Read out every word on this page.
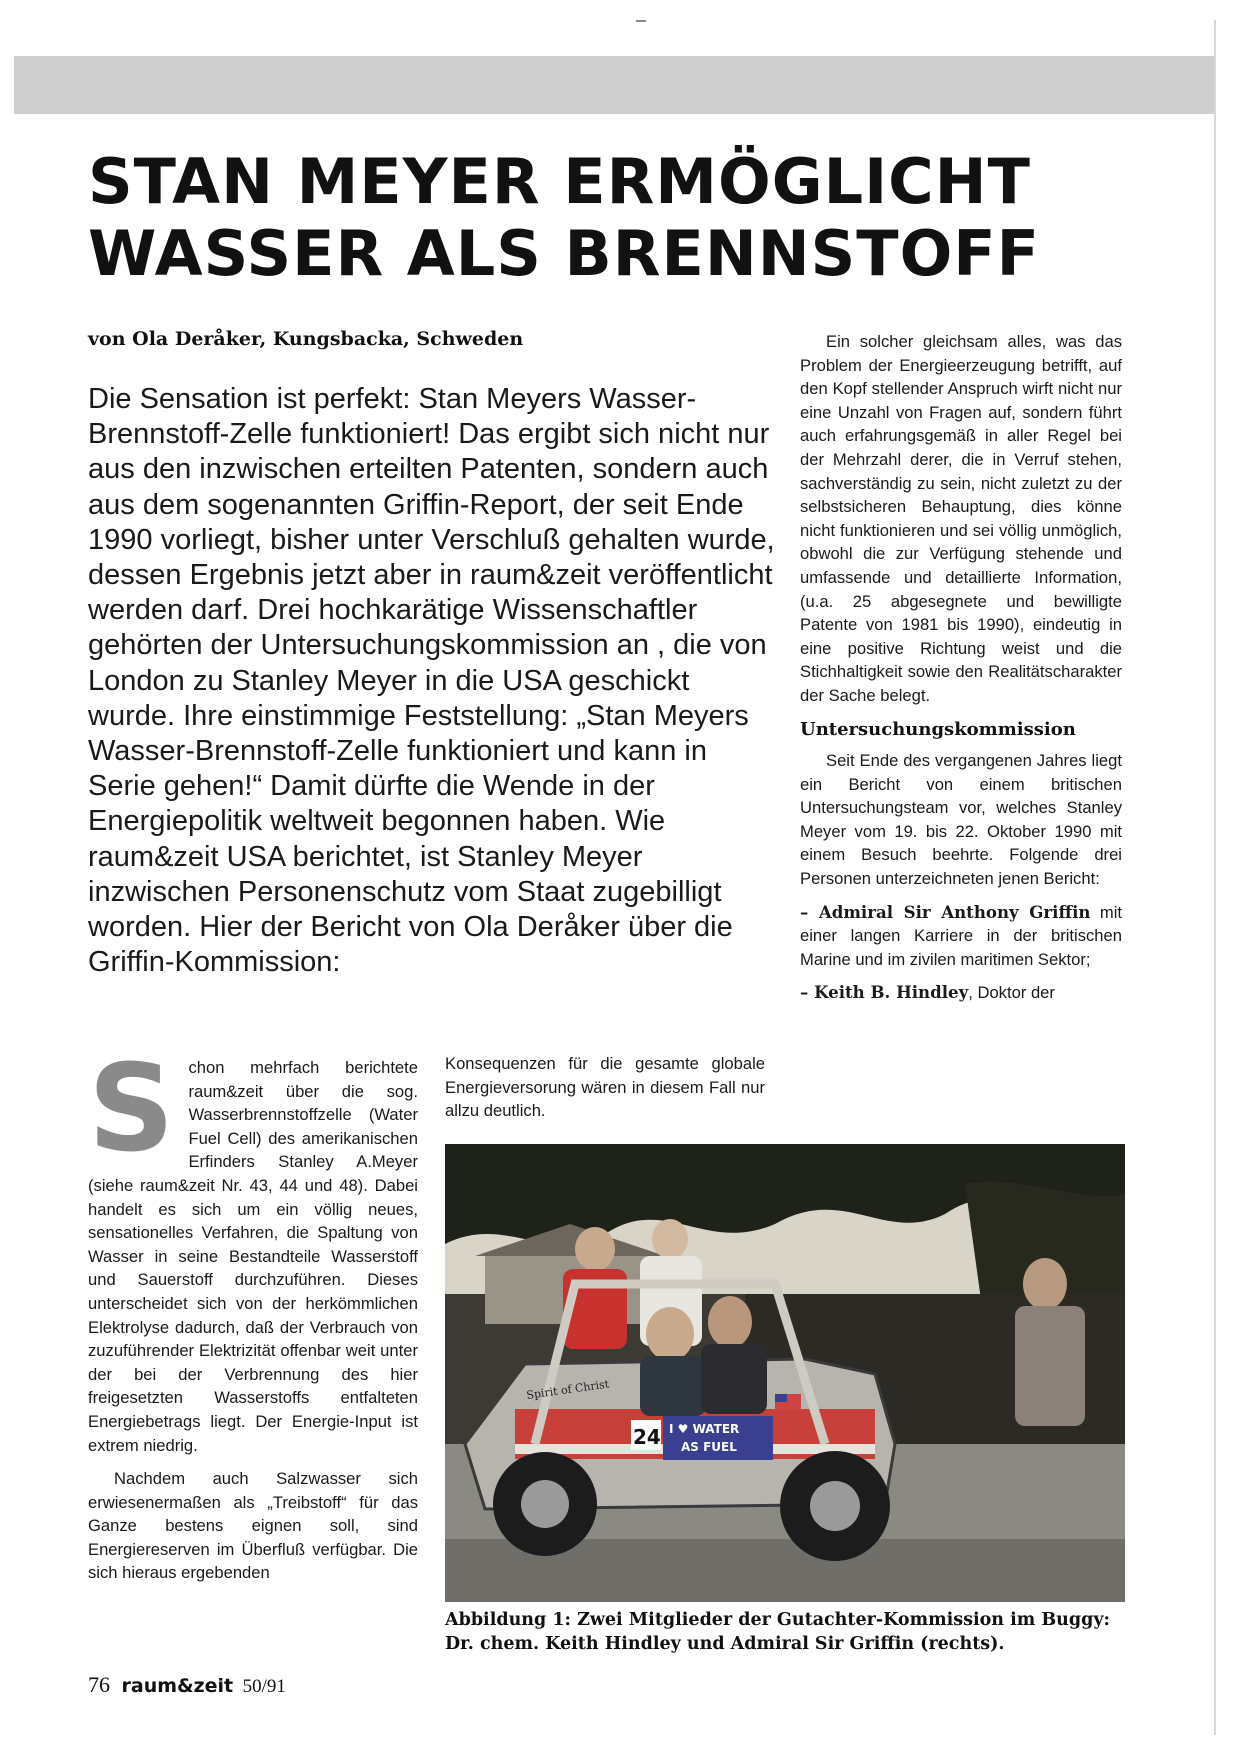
STAN MEYER ERMÖGLICHT
WASSER ALS BRENNSTOFF
von Ola Deråker, Kungsbacka, Schweden

Die Sensation ist perfekt: Stan Meyers Wasser-Brennstoff-Zelle funktioniert! Das ergibt sich nicht nur aus den inzwischen erteilten Patenten, sondern auch aus dem sogenannten Griffin-Report, der seit Ende 1990 vorliegt, bisher unter Verschluß gehalten wurde, dessen Ergebnis jetzt aber in raum&zeit veröffentlicht werden darf. Drei hochkarätige Wissenschaftler gehörten der Untersuchungskommission an , die von London zu Stanley Meyer in die USA geschickt wurde. Ihre einstimmige Feststellung: „Stan Meyers Wasser-Brennstoff-Zelle funktioniert und kann in Serie gehen!“ Damit dürfte die Wende in der Energiepolitik weltweit begonnen haben. Wie raum&zeit USA berichtet, ist Stanley Meyer inzwischen Personenschutz vom Staat zugebilligt worden. Hier der Bericht von Ola Deråker über die Griffin-Kommission:

Schon mehrfach berichtete raum&zeit über die sog. Wasserbrennstoffzelle (Water Fuel Cell) des amerikanischen Erfinders Stanley A.Meyer (siehe raum&zeit Nr. 43, 44 und 48). Dabei handelt es sich um ein völlig neues, sensationelles Verfahren, die Spaltung von Wasser in seine Bestandteile Wasserstoff und Sauerstoff durchzuführen. Dieses unterscheidet sich von der herkömmlichen Elektrolyse dadurch, daß der Verbrauch von zuzuführender Elektrizität offenbar weit unter der bei der Verbrennung des hier freigesetzten Wasserstoffs entfalteten Energiebetrags liegt. Der Energie-Input ist extrem niedrig.

Nachdem auch Salzwasser sich erwiesenermaßen als „Treibstoff“ für das Ganze bestens eignen soll, sind Energiereserven im Überfluß verfügbar. Die sich hieraus ergebenden

Konsequenzen für die gesamte globale Energieversorung wären in diesem Fall nur allzu deutlich.

Ein solcher gleichsam alles, was das Problem der Energieerzeugung betrifft, auf den Kopf stellender Anspruch wirft nicht nur eine Unzahl von Fragen auf, sondern führt auch erfahrungsgemäß in aller Regel bei der Mehrzahl derer, die in Verruf stehen, sachverständig zu sein, nicht zuletzt zu der selbstsicheren Behauptung, dies könne nicht funktionieren und sei völlig unmöglich, obwohl die zur Verfügung stehende und umfassende und detaillierte Information, (u.a. 25 abgesegnete und bewilligte Patente von 1981 bis 1990), eindeutig in eine positive Richtung weist und die Stichhaltigkeit sowie den Realitätscharakter der Sache belegt.

Untersuchungskommission

Seit Ende des vergangenen Jahres liegt ein Bericht von einem britischen Untersuchungsteam vor, welches Stanley Meyer vom 19. bis 22. Oktober 1990 mit einem Besuch beehrte. Folgende drei Personen unterzeichneten jenen Bericht:

– Admiral Sir Anthony Griffin mit einer langen Karriere in der britischen Marine und im zivilen maritimen Sektor;

– Keith B. Hindley, Doktor der

Spirit of Christ
24 I ♥ WATER
AS FUEL
Abbildung 1: Zwei Mitglieder der Gutachter-Kommission im Buggy: Dr. chem. Keith Hindley und Admiral Sir Griffin (rechts).
76 raum&zeit 50/91
